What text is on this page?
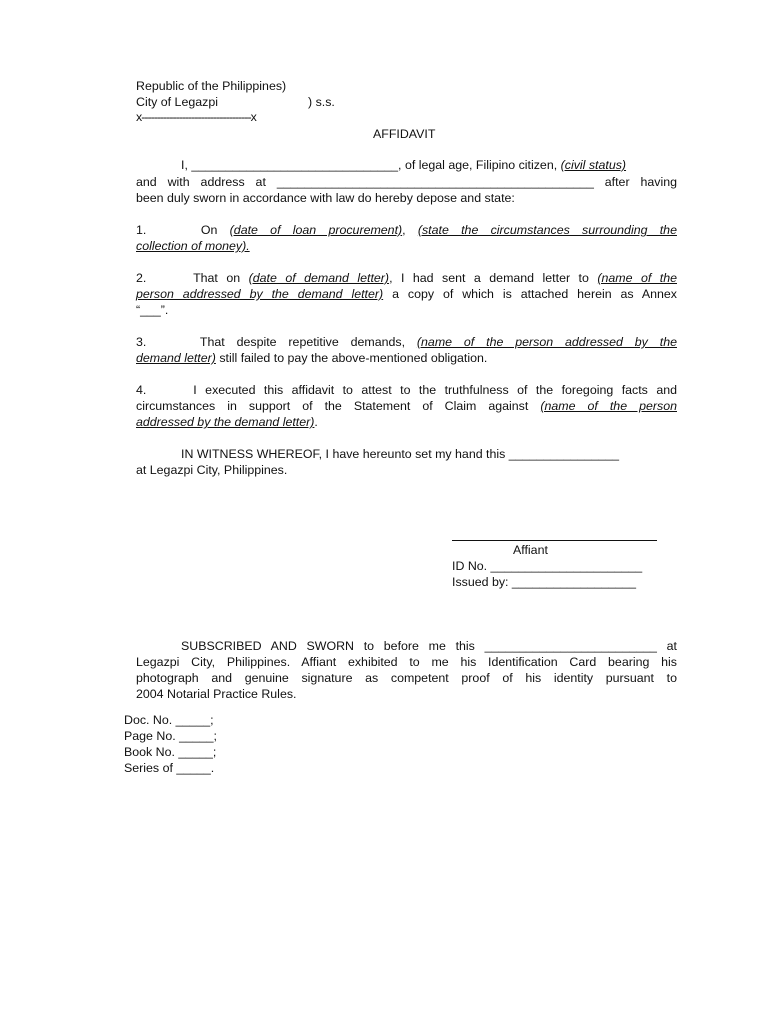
Republic of the Philippines)
City of Legazpi	) s.s.
x-----------------------------------x
AFFIDAVIT
I, ______________________________, of legal age, Filipino citizen, (civil status)
and with address at ______________________________________________ after having
been duly sworn in accordance with law do hereby depose and state:
1.	On (date of loan procurement), (state the circumstances surrounding the
collection of money).
2.	That on (date of demand letter), I had sent a demand letter to (name of the
person addressed by the demand letter) a copy of which is attached herein as Annex
“___”.
3.	That despite repetitive demands, (name of the person addressed by the
demand letter) still failed to pay the above-mentioned obligation.
4.	I executed this affidavit to attest to the truthfulness of the foregoing facts and
circumstances in support of the Statement of Claim against (name of the person
addressed by the demand letter).
IN WITNESS WHEREOF, I have hereunto set my hand this ________________
at Legazpi City, Philippines.
Affiant
ID No. ______________________
Issued by: __________________
SUBSCRIBED AND SWORN to before me this _________________________ at
Legazpi City, Philippines. Affiant exhibited to me his Identification Card bearing his
photograph and genuine signature as competent proof of his identity pursuant to
2004 Notarial Practice Rules.
Doc. No. _____;
Page No. _____;
Book No. _____;
Series of _____.
